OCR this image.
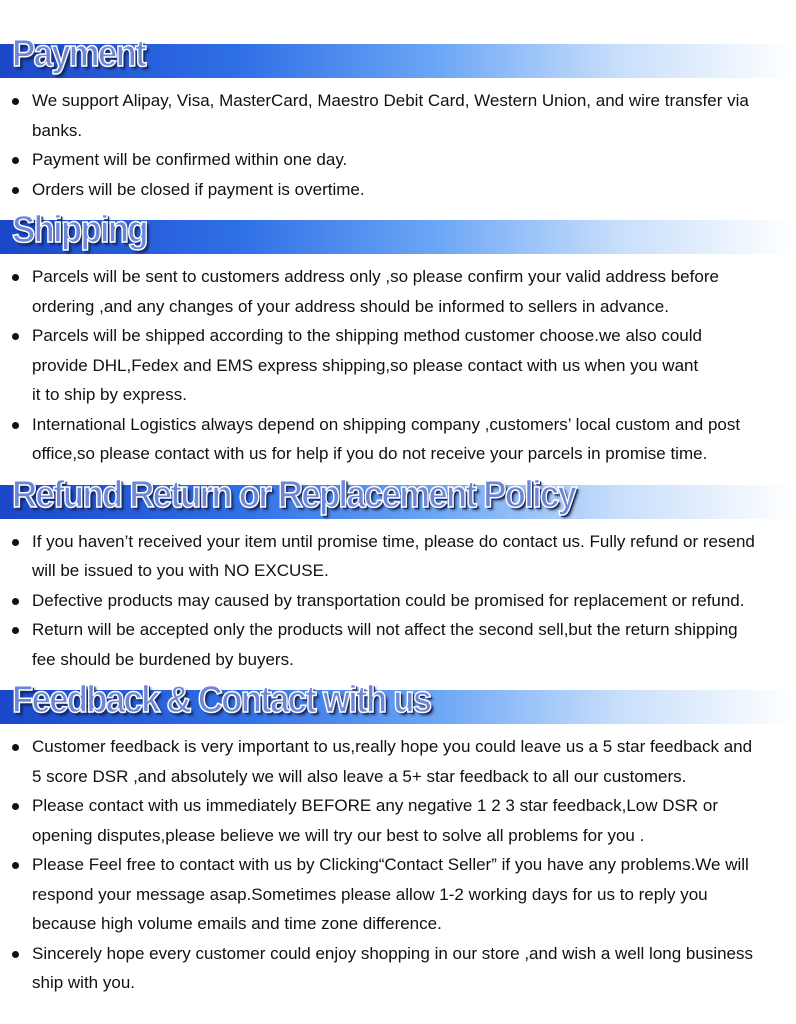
Payment
We support Alipay, Visa, MasterCard, Maestro Debit Card, Western Union, and wire transfer via
banks.
Payment will be confirmed within one day.
Orders will be closed if payment is overtime.
Shipping
Parcels will be sent to customers address only ,so please confirm your valid address before
ordering ,and any changes of your address should be informed to sellers in advance.
Parcels will be shipped according to the shipping method customer choose.we also could
provide DHL,Fedex and EMS express shipping,so please contact with us when you want
it to ship by express.
International Logistics always depend on shipping company ,customers’ local custom and post
office,so please contact with us for help if you do not receive your parcels in promise time.
Refund Return or Replacement Policy
If you haven’t received your item until promise time, please do contact us. Fully refund or resend
will be issued to you with NO EXCUSE.
Defective products may caused by transportation could be promised for replacement or refund.
Return will be accepted only the products will not affect the second sell,but the return shipping
fee should be burdened by buyers.
Feedback & Contact with us
Customer feedback is very important to us,really hope you could leave us a 5 star feedback and
5 score DSR ,and absolutely we will also leave a 5+ star feedback to all our customers.
Please contact with us immediately BEFORE any negative 1 2 3 star feedback,Low DSR or
opening disputes,please believe we will try our best to solve all problems for you .
Please Feel free to contact with us by Clicking“Contact Seller” if you have any problems.We will
respond your message asap.Sometimes please allow 1-2 working days for us to reply you
because high volume emails and time zone difference.
Sincerely hope every customer could enjoy shopping in our store ,and wish a well long business
ship with you.
